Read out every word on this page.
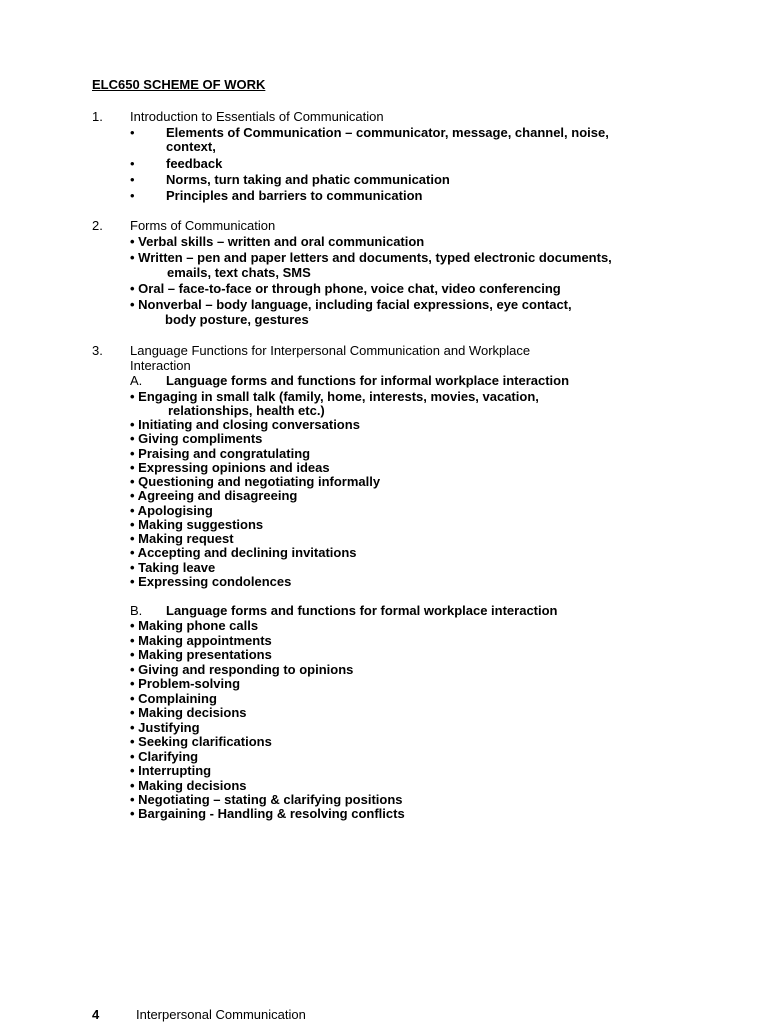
ELC650 SCHEME OF WORK
1. Introduction to Essentials of Communication
• Elements of Communication – communicator, message, channel, noise,
context,
• feedback
• Norms, turn taking and phatic communication
• Principles and barriers to communication
2. Forms of Communication
• Verbal skills – written and oral communication
• Written – pen and paper letters and documents, typed electronic documents,
emails, text chats, SMS
• Oral – face-to-face or through phone, voice chat, video conferencing
• Nonverbal – body language, including facial expressions, eye contact,
body posture, gestures
3. Language Functions for Interpersonal Communication and Workplace
Interaction
A. Language forms and functions for informal workplace interaction
• Engaging in small talk (family, home, interests, movies, vacation,
relationships, health etc.)
• Initiating and closing conversations
• Giving compliments
• Praising and congratulating
• Expressing opinions and ideas
• Questioning and negotiating informally
• Agreeing and disagreeing
• Apologising
• Making suggestions
• Making request
• Accepting and declining invitations
• Taking leave
• Expressing condolences
B. Language forms and functions for formal workplace interaction
• Making phone calls
• Making appointments
• Making presentations
• Giving and responding to opinions
• Problem-solving
• Complaining
• Making decisions
• Justifying
• Seeking clarifications
• Clarifying
• Interrupting
• Making decisions
• Negotiating – stating & clarifying positions
• Bargaining - Handling & resolving conflicts
4	Interpersonal Communication
